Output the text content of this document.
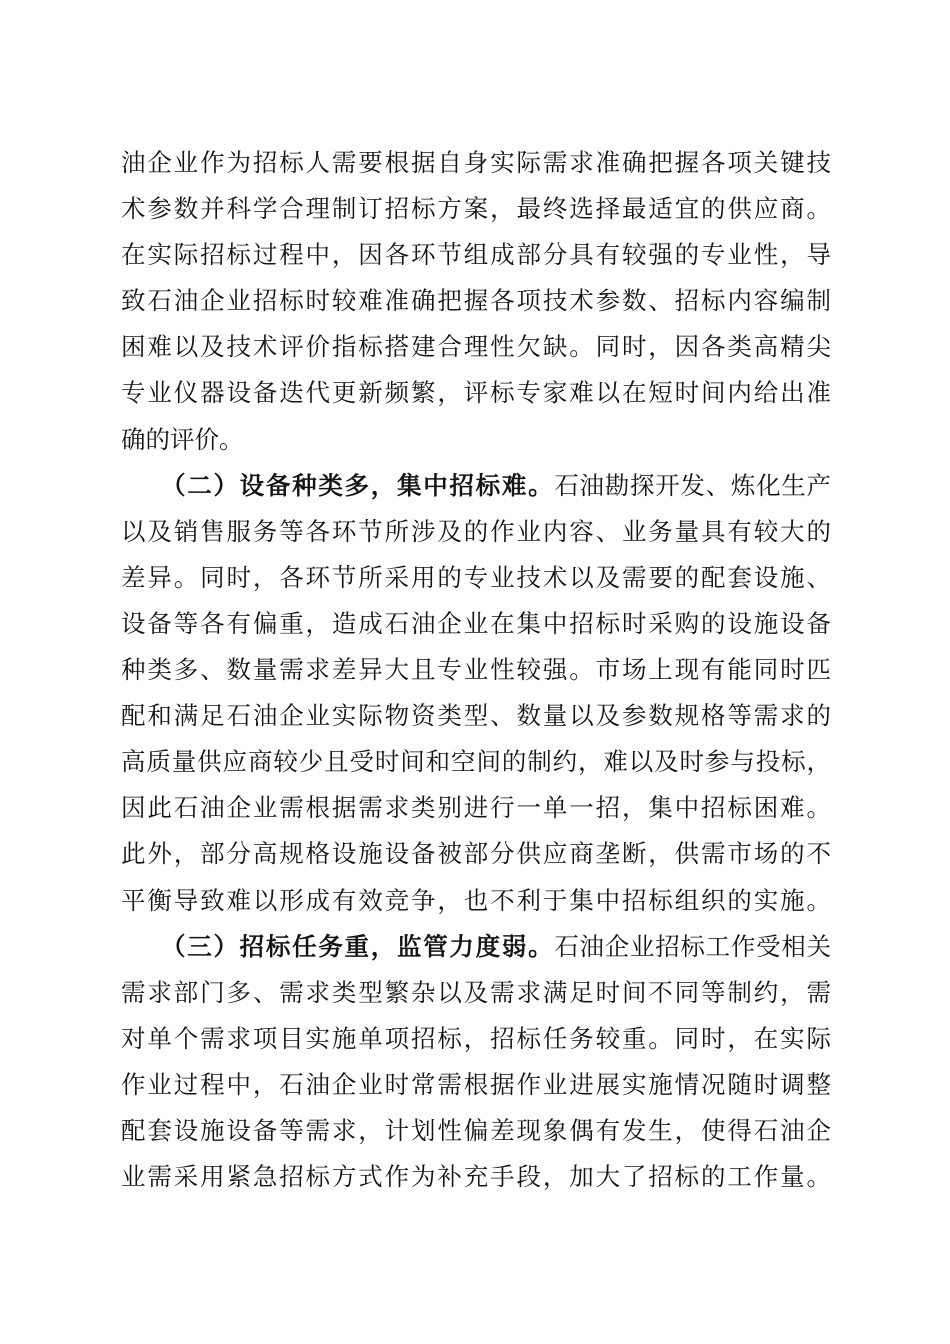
油企业作为招标人需要根据自身实际需求准确把握各项关键技
术参数并科学合理制订招标方案，最终选择最适宜的供应商。
在实际招标过程中，因各环节组成部分具有较强的专业性，导
致石油企业招标时较难准确把握各项技术参数、招标内容编制
困难以及技术评价指标搭建合理性欠缺。同时，因各类高精尖
专业仪器设备迭代更新频繁，评标专家难以在短时间内给出准
确的评价。
（二）设备种类多，集中招标难。石油勘探开发、炼化生产
以及销售服务等各环节所涉及的作业内容、业务量具有较大的
差异。同时，各环节所采用的专业技术以及需要的配套设施、
设备等各有偏重，造成石油企业在集中招标时采购的设施设备
种类多、数量需求差异大且专业性较强。市场上现有能同时匹
配和满足石油企业实际物资类型、数量以及参数规格等需求的
高质量供应商较少且受时间和空间的制约，难以及时参与投标，
因此石油企业需根据需求类别进行一单一招，集中招标困难。
此外，部分高规格设施设备被部分供应商垄断，供需市场的不
平衡导致难以形成有效竞争，也不利于集中招标组织的实施。
（三）招标任务重，监管力度弱。石油企业招标工作受相关
需求部门多、需求类型繁杂以及需求满足时间不同等制约，需
对单个需求项目实施单项招标，招标任务较重。同时，在实际
作业过程中，石油企业时常需根据作业进展实施情况随时调整
配套设施设备等需求，计划性偏差现象偶有发生，使得石油企
业需采用紧急招标方式作为补充手段，加大了招标的工作量。
